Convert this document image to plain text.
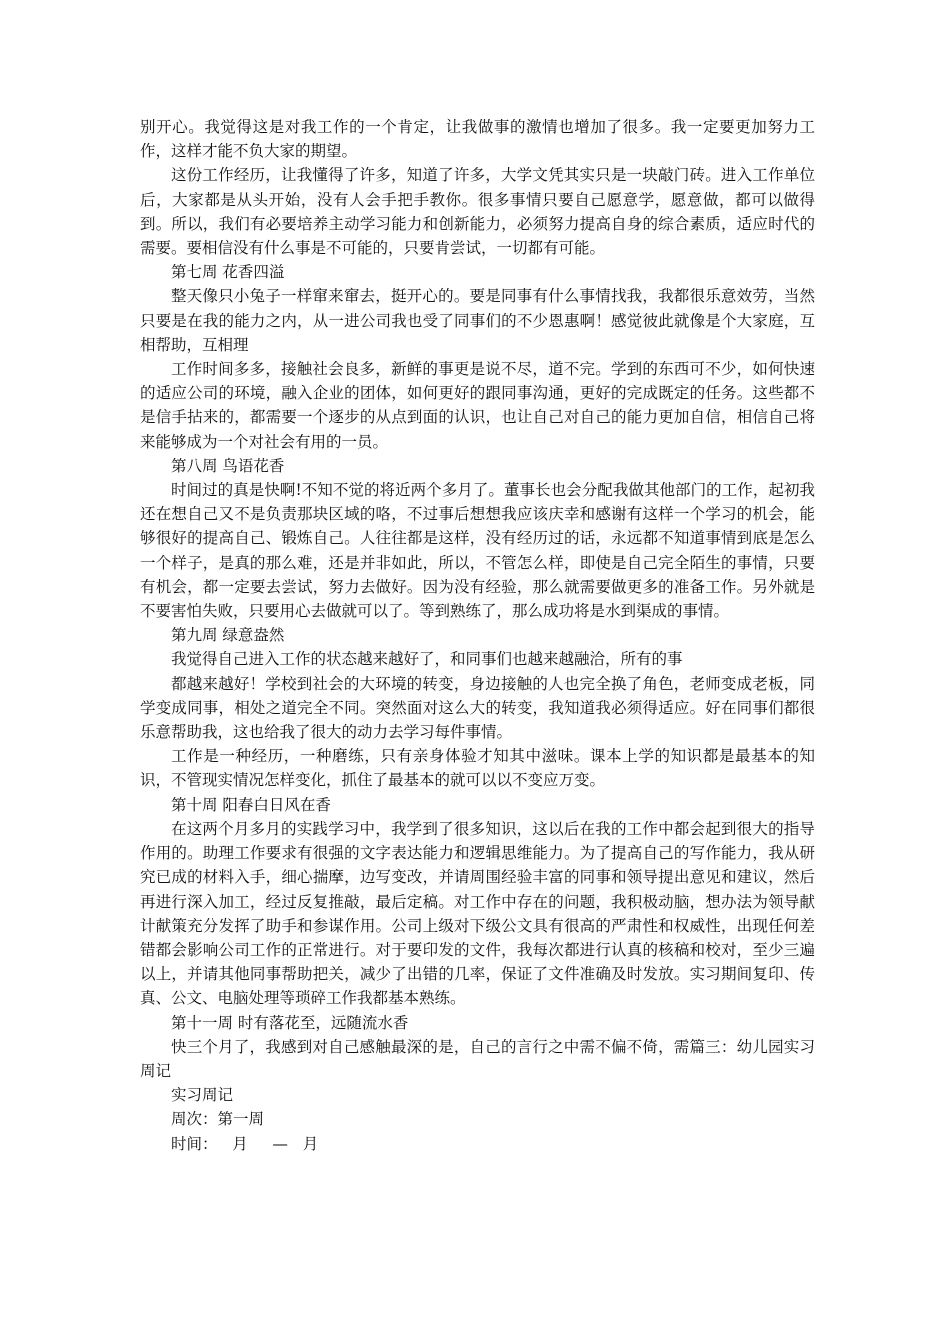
别开心。我觉得这是对我工作的一个肯定，让我做事的激情也增加了很多。我一定要更加努力工作，这样才能不负大家的期望。

这份工作经历，让我懂得了许多，知道了许多，大学文凭其实只是一块敲门砖。进入工作单位后，大家都是从头开始，没有人会手把手教你。很多事情只要自己愿意学，愿意做，都可以做得到。所以，我们有必要培养主动学习能力和创新能力，必须努力提高自身的综合素质，适应时代的需要。要相信没有什么事是不可能的，只要肯尝试，一切都有可能。

第七周 花香四溢

整天像只小兔子一样窜来窜去，挺开心的。要是同事有什么事情找我，我都很乐意效劳，当然只要是在我的能力之内，从一进公司我也受了同事们的不少恩惠啊！感觉彼此就像是个大家庭，互相帮助，互相理

工作时间多多，接触社会良多，新鲜的事更是说不尽，道不完。学到的东西可不少，如何快速的适应公司的环境，融入企业的团体，如何更好的跟同事沟通，更好的完成既定的任务。这些都不是信手拈来的，都需要一个逐步的从点到面的认识，也让自己对自己的能力更加自信，相信自己将来能够成为一个对社会有用的一员。

第八周 鸟语花香

时间过的真是快啊!不知不觉的将近两个多月了。董事长也会分配我做其他部门的工作，起初我还在想自己又不是负责那块区域的咯，不过事后想想我应该庆幸和感谢有这样一个学习的机会，能够很好的提高自己、锻炼自己。人往往都是这样，没有经历过的话，永远都不知道事情到底是怎么一个样子，是真的那么难，还是并非如此，所以，不管怎么样，即使是自己完全陌生的事情，只要有机会，都一定要去尝试，努力去做好。因为没有经验，那么就需要做更多的准备工作。另外就是不要害怕失败，只要用心去做就可以了。等到熟练了，那么成功将是水到渠成的事情。

第九周 绿意盎然

我觉得自己进入工作的状态越来越好了，和同事们也越来越融洽，所有的事

都越来越好！学校到社会的大环境的转变，身边接触的人也完全换了角色，老师变成老板，同学变成同事，相处之道完全不同。突然面对这么大的转变，我知道我必须得适应。好在同事们都很乐意帮助我，这也给我了很大的动力去学习每件事情。

工作是一种经历，一种磨练，只有亲身体验才知其中滋味。课本上学的知识都是最基本的知识，不管现实情况怎样变化，抓住了最基本的就可以以不变应万变。

第十周 阳春白日风在香

在这两个月多月的实践学习中，我学到了很多知识，这以后在我的工作中都会起到很大的指导作用的。助理工作要求有很强的文字表达能力和逻辑思维能力。为了提高自己的写作能力，我从研究已成的材料入手，细心揣摩，边写变改，并请周围经验丰富的同事和领导提出意见和建议，然后再进行深入加工，经过反复推敲，最后定稿。对工作中存在的问题，我积极动脑，想办法为领导献计献策充分发挥了助手和参谋作用。公司上级对下级公文具有很高的严肃性和权威性，出现任何差错都会影响公司工作的正常进行。对于要印发的文件，我每次都进行认真的核稿和校对，至少三遍以上，并请其他同事帮助把关，减少了出错的几率，保证了文件准确及时发放。实习期间复印、传真、公文、电脑处理等琐碎工作我都基本熟练。

第十一周 时有落花至，远随流水香

快三个月了，我感到对自己感触最深的是，自己的言行之中需不偏不倚，需篇三：幼儿园实习周记

实习周记

周次：第一周

时间：   月     —   月
